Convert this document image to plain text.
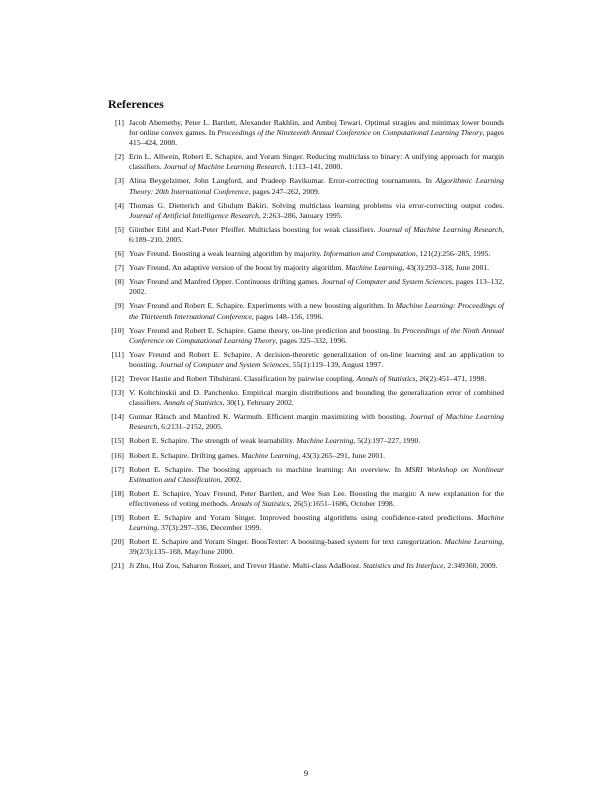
References
[1] Jacob Abernethy, Peter L. Bartlett, Alexander Rakhlin, and Ambuj Tewari. Optimal stragies and minimax lower bounds for online convex games. In Proceedings of the Nineteenth Annual Conference on Computational Learning Theory, pages 415–424, 2008.
[2] Erin L. Allwein, Robert E. Schapire, and Yoram Singer. Reducing multiclass to binary: A unifying approach for margin classifiers. Journal of Machine Learning Research, 1:113–141, 2000.
[3] Alina Beygelzimer, John Langford, and Pradeep Ravikumar. Error-correcting tournaments. In Algorithmic Learning Theory: 20th International Conference, pages 247–262, 2009.
[4] Thomas G. Dietterich and Ghulum Bakiri. Solving multiclass learning problems via error-correcting output codes. Journal of Artificial Intelligence Research, 2:263–286, January 1995.
[5] Günther Eibl and Karl-Peter Pfeiffer. Multiclass boosting for weak classifiers. Journal of Machine Learning Research, 6:189–210, 2005.
[6] Yoav Freund. Boosting a weak learning algorithm by majority. Information and Computation, 121(2):256–285, 1995.
[7] Yoav Freund. An adaptive version of the boost by majority algorithm. Machine Learning, 43(3):293–318, June 2001.
[8] Yoav Freund and Manfred Opper. Continuous drifting games. Journal of Computer and System Sciences, pages 113–132, 2002.
[9] Yoav Freund and Robert E. Schapire. Experiments with a new boosting algorithm. In Machine Learning: Proceedings of the Thirteenth International Conference, pages 148–156, 1996.
[10] Yoav Freund and Robert E. Schapire. Game theory, on-line prediction and boosting. In Proceedings of the Ninth Annual Conference on Computational Learning Theory, pages 325–332, 1996.
[11] Yoav Freund and Robert E. Schapire. A decision-theoretic generalization of on-line learning and an application to boosting. Journal of Computer and System Sciences, 55(1):119–139, August 1997.
[12] Trevor Hastie and Robert Tibshirani. Classification by pairwise coupling. Annals of Statistics, 26(2):451–471, 1998.
[13] V. Koltchinskii and D. Panchenko. Empirical margin distributions and bounding the generalization error of combined classifiers. Annals of Statistics, 30(1), February 2002.
[14] Gunnar Rätsch and Manfred K. Warmuth. Efficient margin maximizing with boosting. Journal of Machine Learning Research, 6:2131–2152, 2005.
[15] Robert E. Schapire. The strength of weak learnability. Machine Learning, 5(2):197–227, 1990.
[16] Robert E. Schapire. Drifting games. Machine Learning, 43(3):265–291, June 2001.
[17] Robert E. Schapire. The boosting approach to machine learning: An overview. In MSRI Workshop on Nonlinear Estimation and Classification, 2002.
[18] Robert E. Schapire, Yoav Freund, Peter Bartlett, and Wee Sun Lee. Boosting the margin: A new explanation for the effectiveness of voting methods. Annals of Statistics, 26(5):1651–1686, October 1998.
[19] Robert E. Schapire and Yoram Singer. Improved boosting algorithms using confidence-rated predictions. Machine Learning, 37(3):297–336, December 1999.
[20] Robert E. Schapire and Yoram Singer. BoosTexter: A boosting-based system for text categorization. Machine Learning, 39(2/3):135–168, May/June 2000.
[21] Ji Zhu, Hui Zou, Saharon Rosset, and Trevor Hastie. Multi-class AdaBoost. Statistics and Its Interface, 2:349360, 2009.
9
